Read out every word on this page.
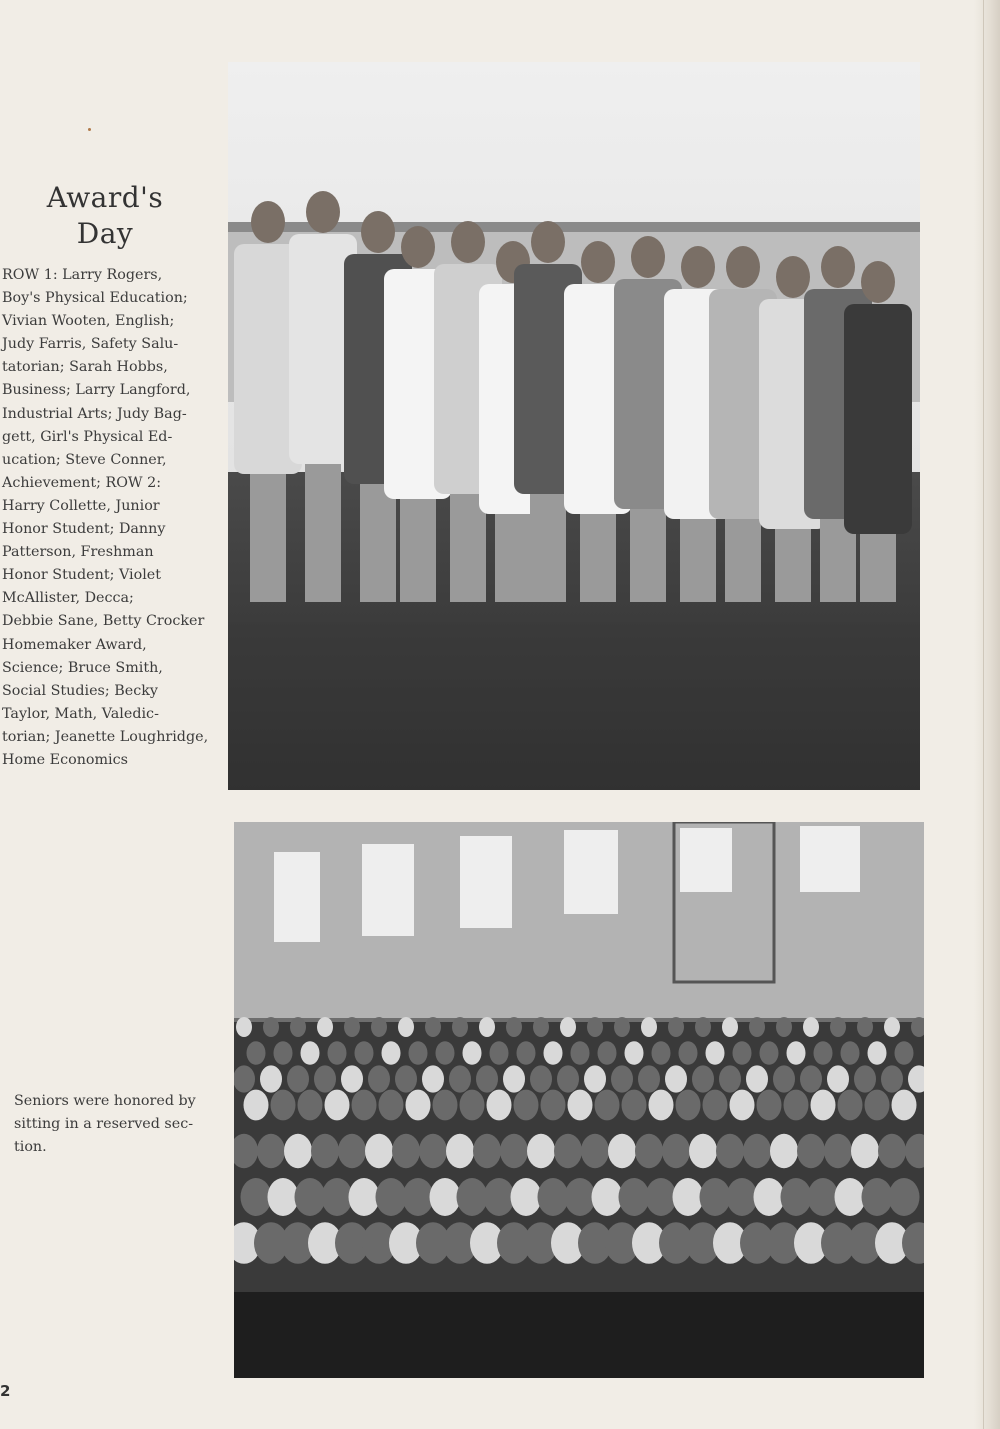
Award's
Day
ROW 1: Larry Rogers,
Boy's Physical Education;
Vivian Wooten, English;
Judy Farris, Safety Salu-
tatorian; Sarah Hobbs,
Business; Larry Langford,
Industrial Arts; Judy Bag-
gett, Girl's Physical Ed-
ucation; Steve Conner,
Achievement; ROW 2:
Harry Collette, Junior
Honor Student; Danny
Patterson, Freshman
Honor Student; Violet
McAllister, Decca;
Debbie Sane, Betty Crocker
Homemaker Award,
Science; Bruce Smith,
Social Studies; Becky
Taylor, Math, Valedic-
torian; Jeanette Loughridge,
Home Economics
Seniors were honored by
sitting in a reserved sec-
tion.
2
